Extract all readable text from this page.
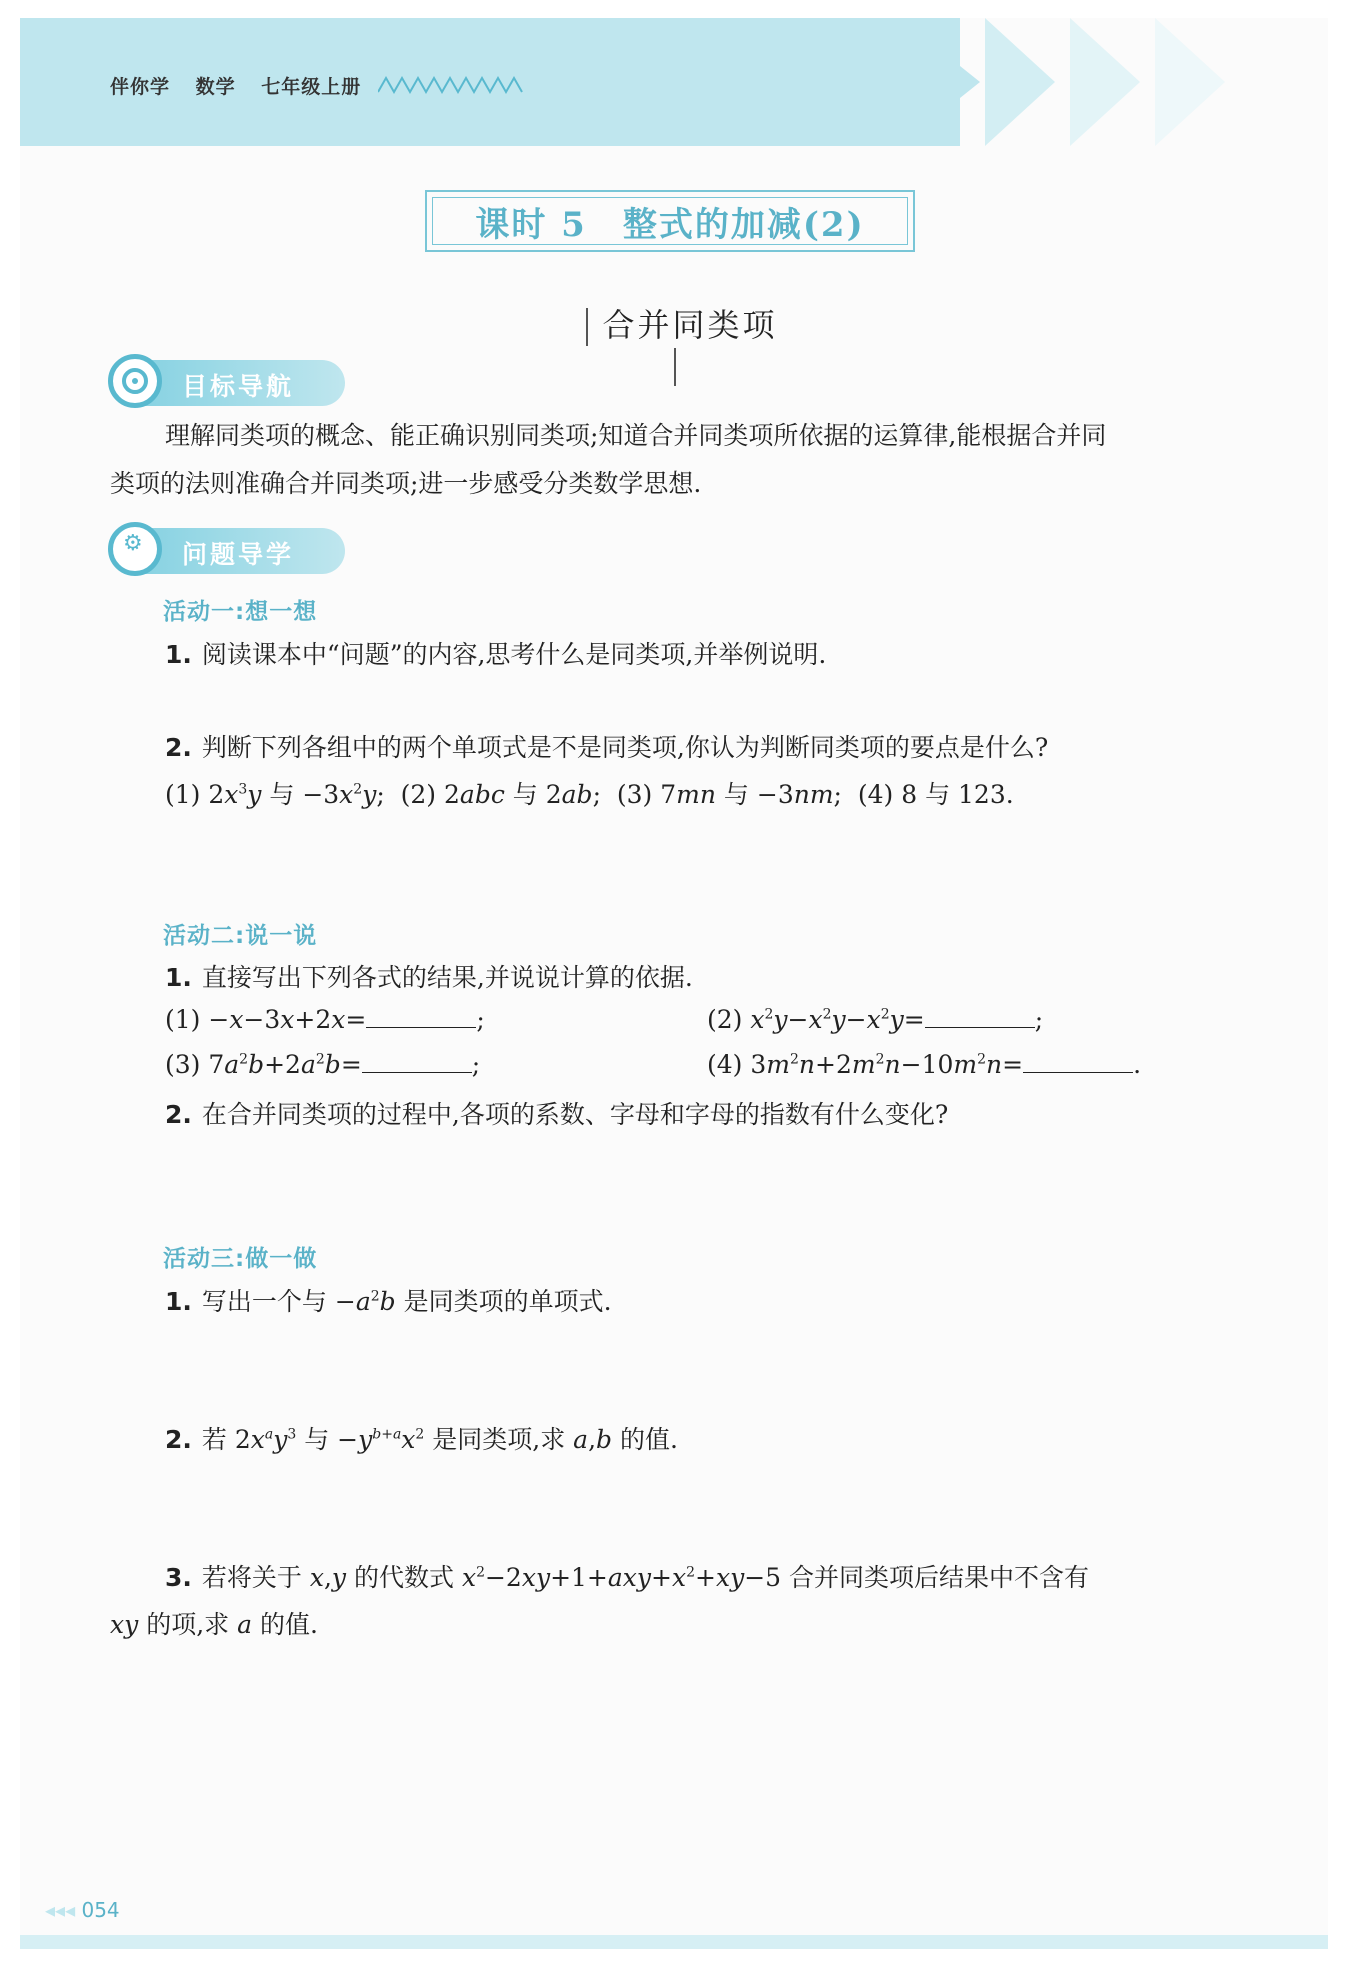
伴你学 数学 七年级上册
课时 5　整式的加减(2)
合并同类项
目标导航
理解同类项的概念、能正确识别同类项;知道合并同类项所依据的运算律,能根据合并同
类项的法则准确合并同类项;进一步感受分类数学思想.
⚙
问题导学
活动一:想一想
1. 阅读课本中“问题”的内容,思考什么是同类项,并举例说明.
2. 判断下列各组中的两个单项式是不是同类项,你认为判断同类项的要点是什么?
(1) $2x^3y$ 与 $-3x^2y$;  (2) 2abc 与 2ab;  (3) 7mn 与 −3nm;  (4) 8 与 123.
活动二:说一说
1. 直接写出下列各式的结果,并说说计算的依据.
(1) −x−3x+2x=	;	(2) $x^2y-x^2y-x^2y=$	;
(3) $7a^2b+2a^2b=$	;	(4) $3m^2n+2m^2n-10m^2n=$	.
2. 在合并同类项的过程中,各项的系数、字母和字母的指数有什么变化?
活动三:做一做
1. 写出一个与 $-a^2b$ 是同类项的单项式.
2. 若 $2x^ay^3$ 与 $-y^{b+a}x^2$ 是同类项,求 a,b 的值.
3. 若将关于 x,y 的代数式 $x^2-2xy+1+axy+x^2+xy-5$ 合并同类项后结果中不含有
xy 的项,求 a 的值.
◂◂◂ 054
